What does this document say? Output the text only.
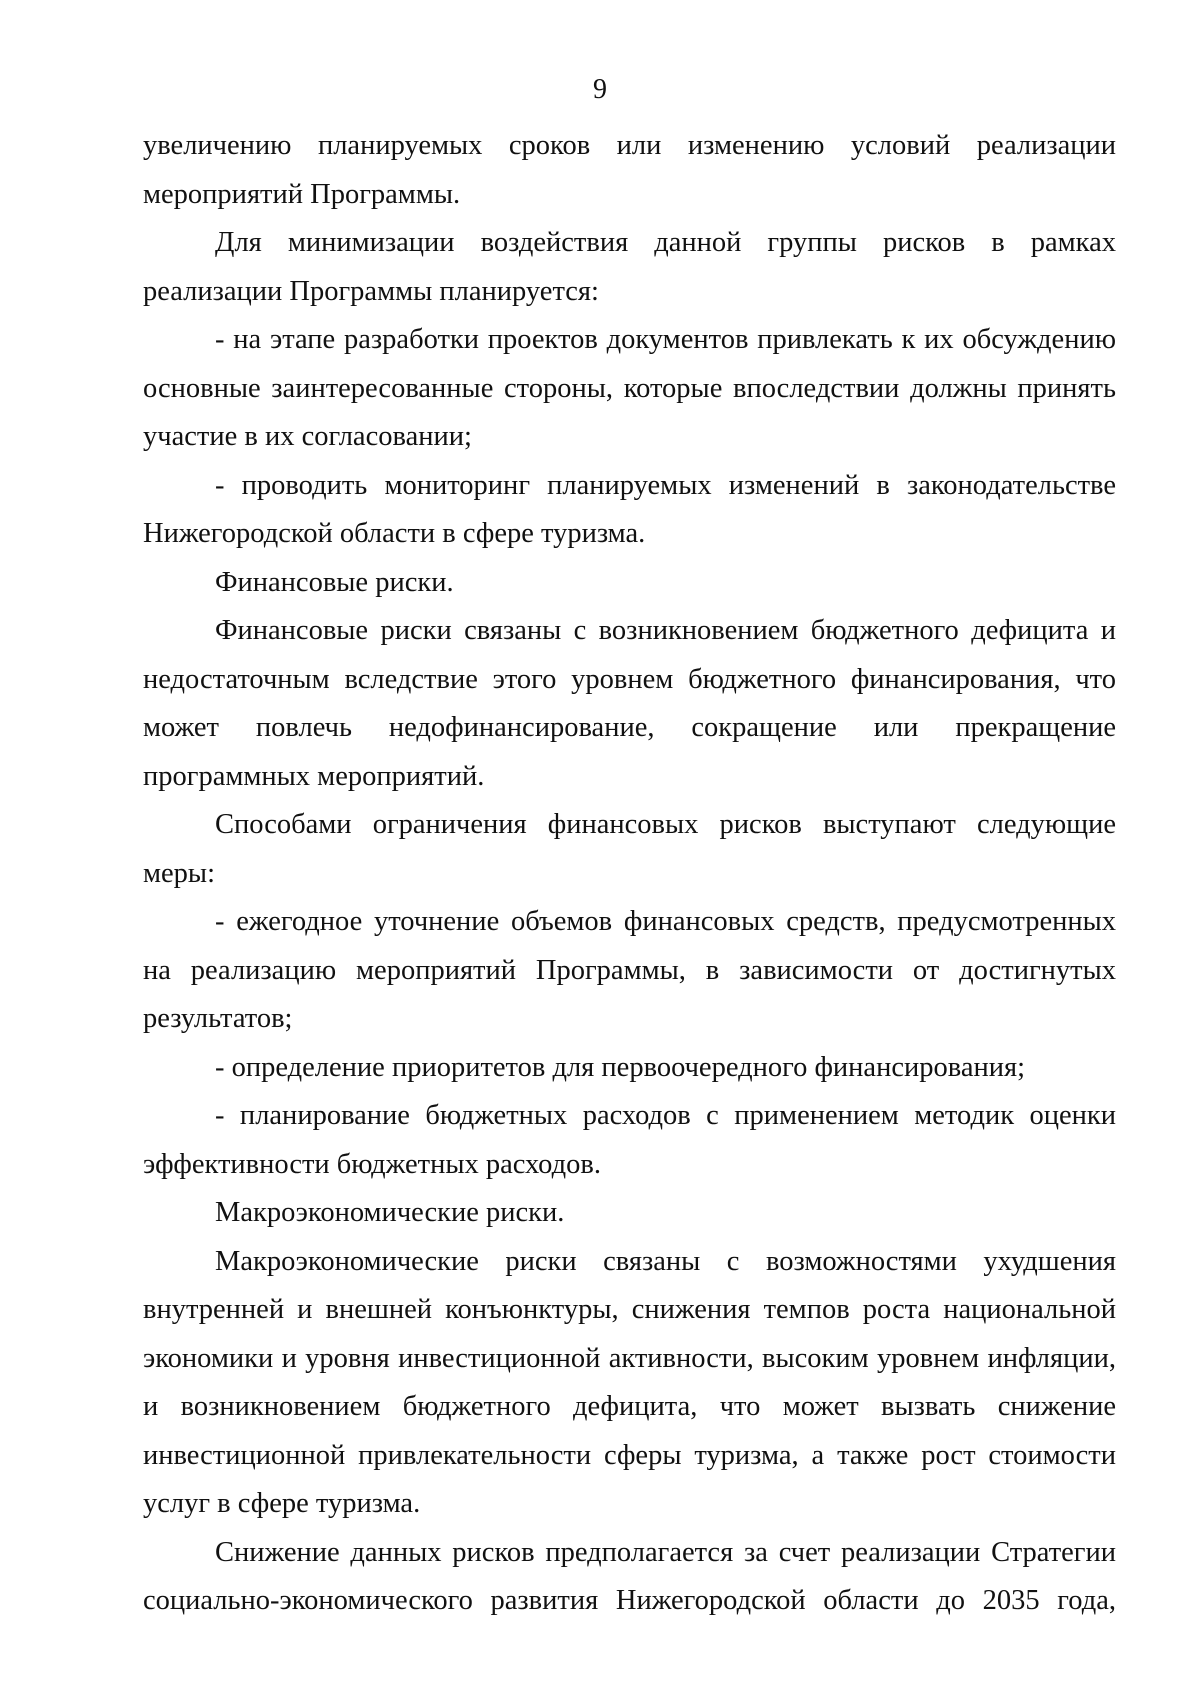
9

увеличению планируемых сроков или изменению условий реализации мероприятий Программы.

Для минимизации воздействия данной группы рисков в рамках реализации Программы планируется:

- на этапе разработки проектов документов привлекать к их обсуждению основные заинтересованные стороны, которые впоследствии должны принять участие в их согласовании;

- проводить мониторинг планируемых изменений в законодательстве Нижегородской области в сфере туризма.

Финансовые риски.

Финансовые риски связаны с возникновением бюджетного дефицита и недостаточным вследствие этого уровнем бюджетного финансирования, что может повлечь недофинансирование, сокращение или прекращение программных мероприятий.

Способами ограничения финансовых рисков выступают следующие меры:

- ежегодное уточнение объемов финансовых средств, предусмотренных на реализацию мероприятий Программы, в зависимости от достигнутых результатов;

- определение приоритетов для первоочередного финансирования;

- планирование бюджетных расходов с применением методик оценки эффективности бюджетных расходов.

Макроэкономические риски.

Макроэкономические риски связаны с возможностями ухудшения внутренней и внешней конъюнктуры, снижения темпов роста национальной экономики и уровня инвестиционной активности, высоким уровнем инфляции, и возникновением бюджетного дефицита, что может вызвать снижение инвестиционной привлекательности сферы туризма, а также рост стоимости услуг в сфере туризма.

Снижение данных рисков предполагается за счет реализации Стратегии социально-экономического развития Нижегородской области до 2035 года,
